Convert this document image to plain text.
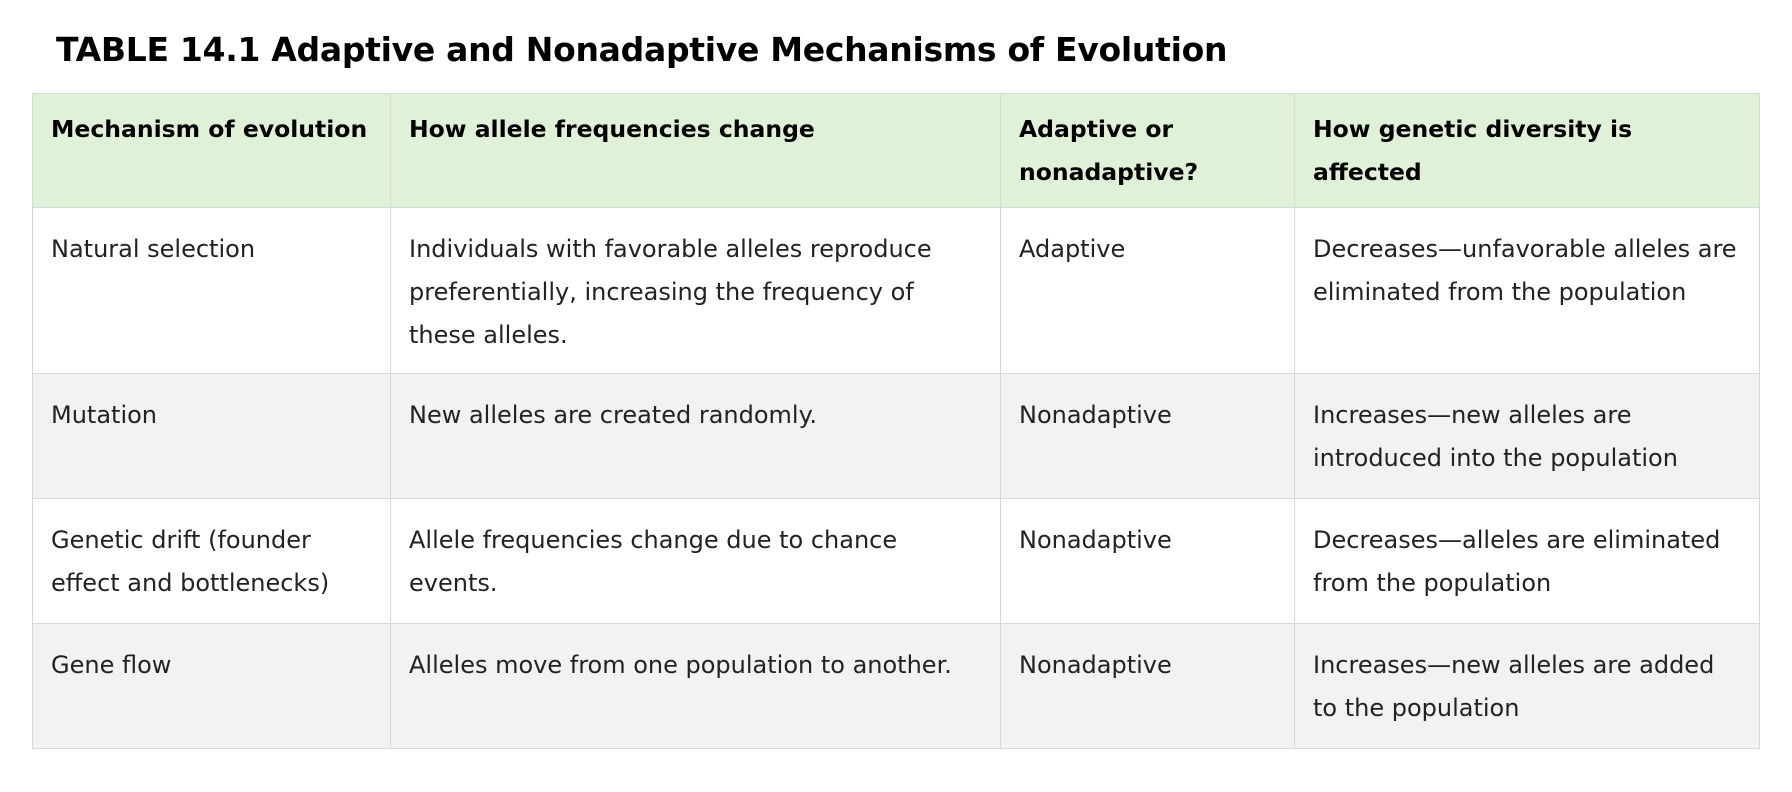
TABLE 14.1 Adaptive and Nonadaptive Mechanisms of Evolution
Mechanism of evolution	How allele frequencies change	Adaptive or nonadaptive?	How genetic diversity is affected
Natural selection	Individuals with favorable alleles reproduce preferentially, increasing the frequency of these alleles.	Adaptive	Decreases—unfavorable alleles are eliminated from the population
Mutation	New alleles are created randomly.	Nonadaptive	Increases—new alleles are introduced into the population
Genetic drift (founder effect and bottlenecks)	Allele frequencies change due to chance events.	Nonadaptive	Decreases—alleles are eliminated from the population
Gene flow	Alleles move from one population to another.	Nonadaptive	Increases—new alleles are added to the population
